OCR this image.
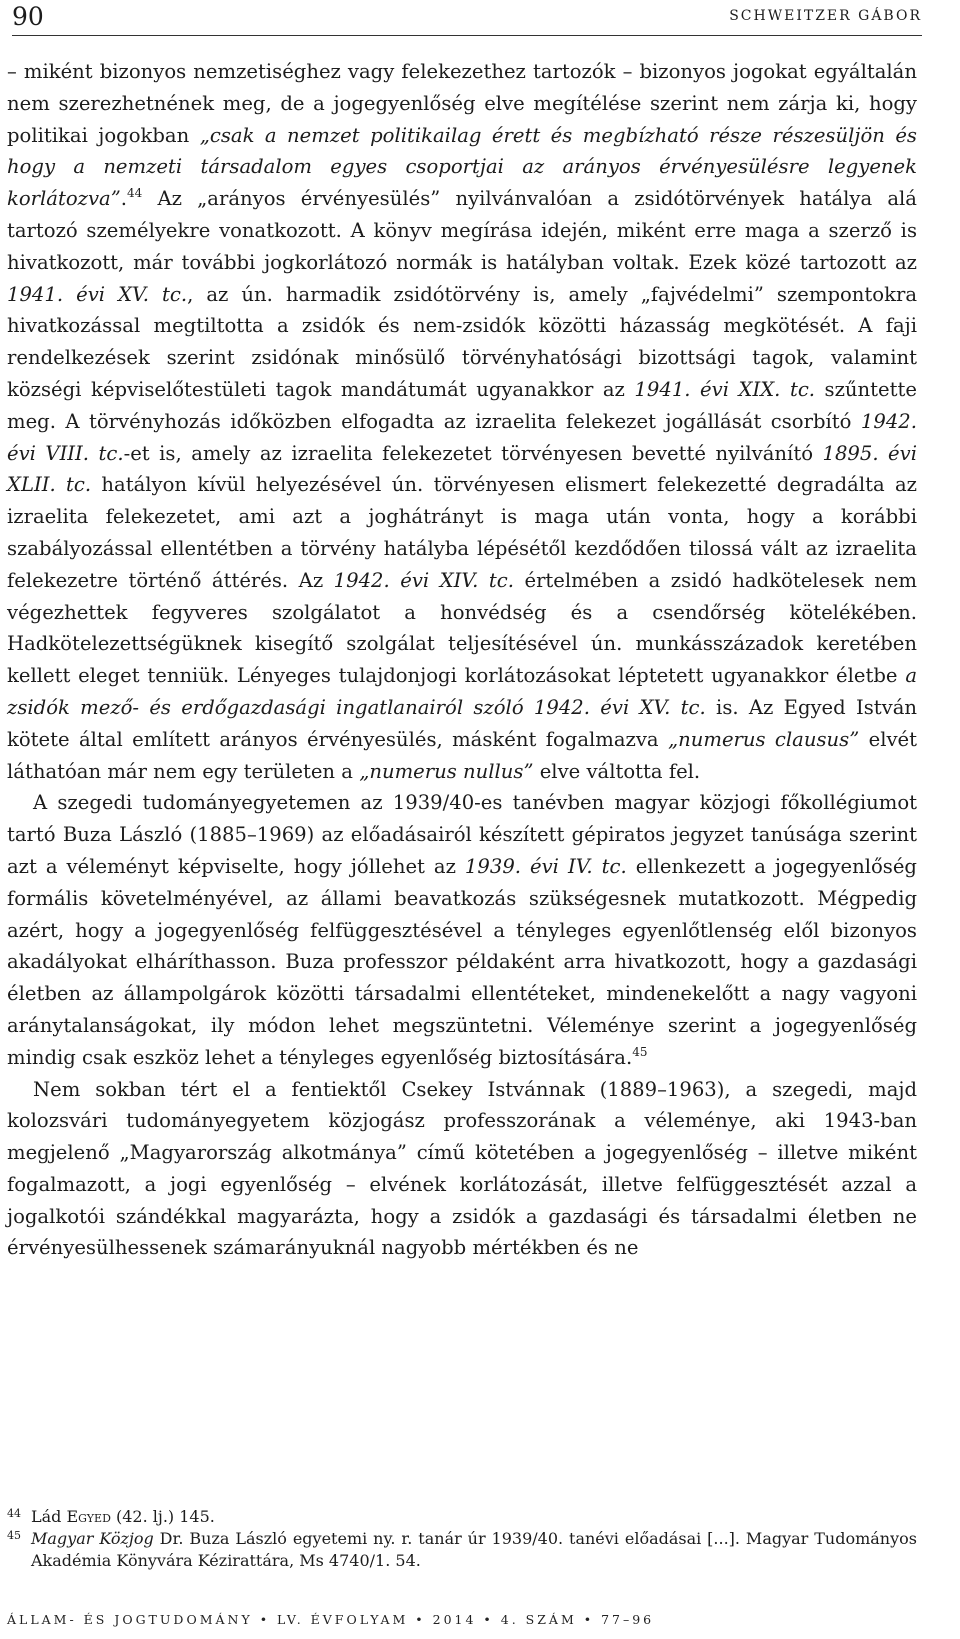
90	SCHWEITZER GÁBOR

– miként bizonyos nemzetiséghez vagy felekezethez tartozók – bizonyos jogokat egyáltalán nem szerezhetnének meg, de a jogegyenlőség elve megítélése szerint nem zárja ki, hogy politikai jogokban „csak a nemzet politikailag érett és megbízható része részesüljön és hogy a nemzeti társadalom egyes csoportjai az arányos érvényesülésre legyenek korlátozva”.$^{44}$ Az „arányos érvényesülés” nyilvánvalóan a zsidótörvények hatálya alá tartozó személyekre vonatkozott. A könyv megírása idején, miként erre maga a szerző is hivatkozott, már további jogkorlátozó normák is hatályban voltak. Ezek közé tartozott az 1941. évi XV. tc., az ún. harmadik zsidótörvény is, amely „fajvédelmi” szempontokra hivatkozással megtiltotta a zsidók és nem-zsidók közötti házasság megkötését. A faji rendelkezések szerint zsidónak minősülő törvényhatósági bizottsági tagok, valamint községi képviselőtestületi tagok mandátumát ugyanakkor az 1941. évi XIX. tc. szűntette meg. A törvényhozás időközben elfogadta az izraelita felekezet jogállását csorbító 1942. évi VIII. tc.-et is, amely az izraelita felekezetet törvényesen bevetté nyilvánító 1895. évi XLII. tc. hatályon kívül helyezésével ún. törvényesen elismert felekezetté degradálta az izraelita felekezetet, ami azt a joghátrányt is maga után vonta, hogy a korábbi szabályozással ellentétben a törvény hatályba lépésétől kezdődően tilossá vált az izraelita felekezetre történő áttérés. Az 1942. évi XIV. tc. értelmében a zsidó hadkötelesek nem végezhettek fegyveres szolgálatot a honvédség és a csendőrség kötelékében. Hadkötelezettségüknek kisegítő szolgálat teljesítésével ún. munkásszázadok keretében kellett eleget tenniük. Lényeges tulajdonjogi korlátozásokat léptetett ugyanakkor életbe a zsidók mező- és erdőgazdasági ingatlanairól szóló 1942. évi XV. tc. is. Az Egyed István kötete által említett arányos érvényesülés, másként fogalmazva „numerus clausus” elvét láthatóan már nem egy területen a „numerus nullus” elve váltotta fel.

A szegedi tudományegyetemen az 1939/40-es tanévben magyar közjogi főkollégiumot tartó Buza László (1885–1969) az előadásairól készített gépiratos jegyzet tanúsága szerint azt a véleményt képviselte, hogy jóllehet az 1939. évi IV. tc. ellenkezett a jogegyenlőség formális követelményével, az állami beavatkozás szükségesnek mutatkozott. Mégpedig azért, hogy a jogegyenlőség felfüggesztésével a tényleges egyenlőtlenség elől bizonyos akadályokat elháríthasson. Buza professzor példaként arra hivatkozott, hogy a gazdasági életben az állampolgárok közötti társadalmi ellentéteket, mindenekelőtt a nagy vagyoni aránytalanságokat, ily módon lehet megszüntetni. Véleménye szerint a jogegyenlőség mindig csak eszköz lehet a tényleges egyenlőség biztosítására.$^{45}$

Nem sokban tért el a fentiektől Csekey Istvánnak (1889–1963), a szegedi, majd kolozsvári tudományegyetem közjogász professzorának a véleménye, aki 1943-ban megjelenő „Magyarország alkotmánya” című kötetében a jogegyenlőség – illetve miként fogalmazott, a jogi egyenlőség – elvének korlátozását, illetve felfüggesztését azzal a jogalkotói szándékkal magyarázta, hogy a zsidók a gazdasági és társadalmi életben ne érvényesülhessenek számarányuknál nagyobb mértékben és ne

44 Lád Egyed (42. lj.) 145.

45 Magyar Közjog Dr. Buza László egyetemi ny. r. tanár úr 1939/40. tanévi előadásai [...]. Magyar Tudományos Akadémia Könyvára Kézirattára, Ms 4740/1. 54.

ÁLLAM- ÉS JOGTUDOMÁNY • LV. ÉVFOLYAM • 2014 • 4. SZÁM • 77–96
